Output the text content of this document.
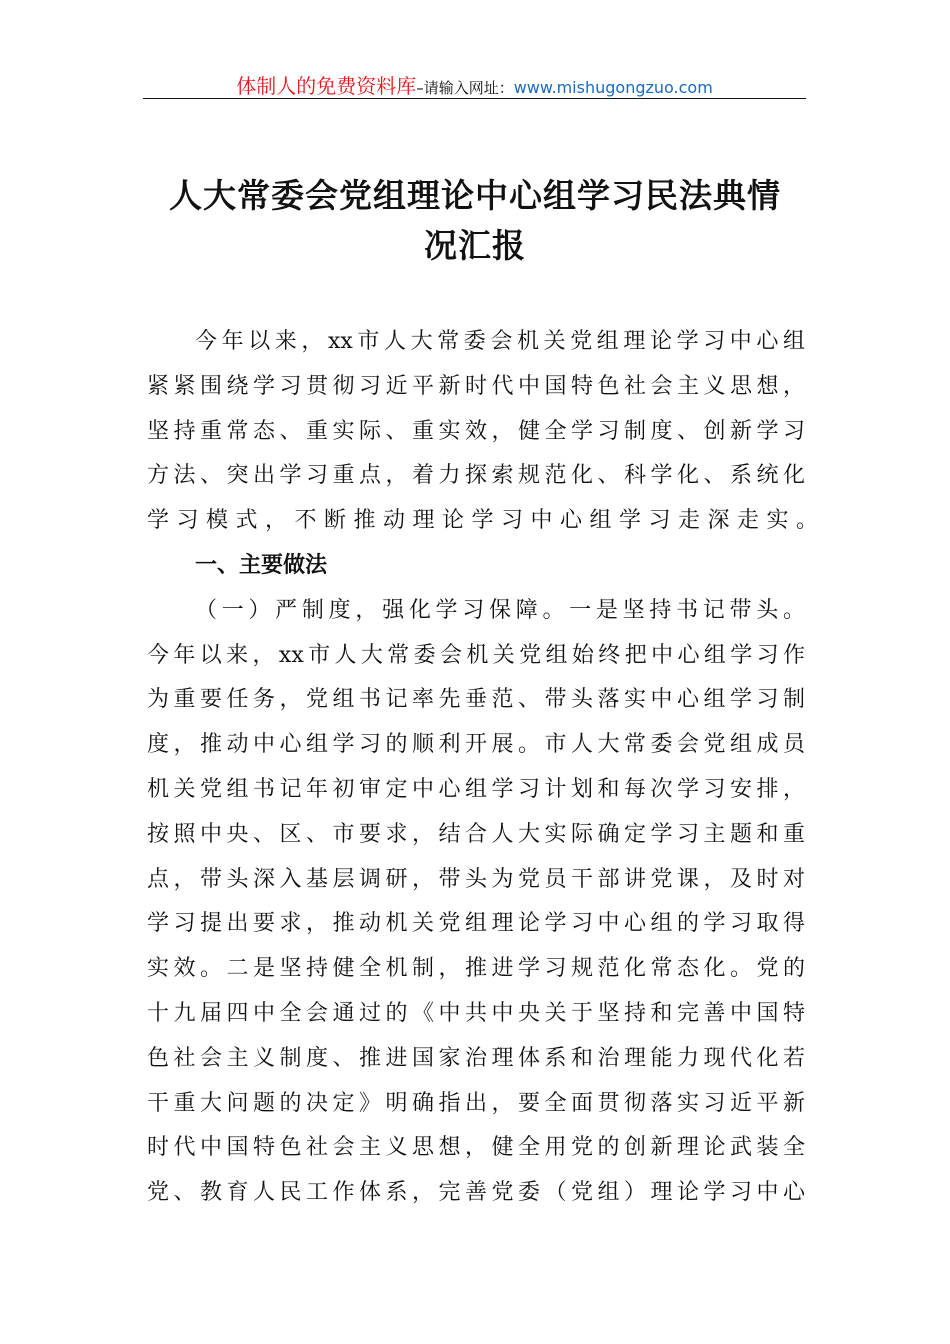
体制人的免费资料库–请输入网址：www.mishugongzuo.com
人大常委会党组理论中心组学习民法典情
况汇报
今年以来，xx市人大常委会机关党组理论学习中心组
紧紧围绕学习贯彻习近平新时代中国特色社会主义思想，
坚持重常态、重实际、重实效，健全学习制度、创新学习
方法、突出学习重点，着力探索规范化、科学化、系统化
学习模式，不断推动理论学习中心组学习走深走实。
一、主要做法
（一）严制度，强化学习保障。一是坚持书记带头。
今年以来，xx市人大常委会机关党组始终把中心组学习作
为重要任务，党组书记率先垂范、带头落实中心组学习制
度，推动中心组学习的顺利开展。市人大常委会党组成员
机关党组书记年初审定中心组学习计划和每次学习安排，
按照中央、区、市要求，结合人大实际确定学习主题和重
点，带头深入基层调研，带头为党员干部讲党课，及时对
学习提出要求，推动机关党组理论学习中心组的学习取得
实效。二是坚持健全机制，推进学习规范化常态化。党的
十九届四中全会通过的《中共中央关于坚持和完善中国特
色社会主义制度、推进国家治理体系和治理能力现代化若
干重大问题的决定》明确指出，要全面贯彻落实习近平新
时代中国特色社会主义思想，健全用党的创新理论武装全
党、教育人民工作体系，完善党委（党组）理论学习中心
